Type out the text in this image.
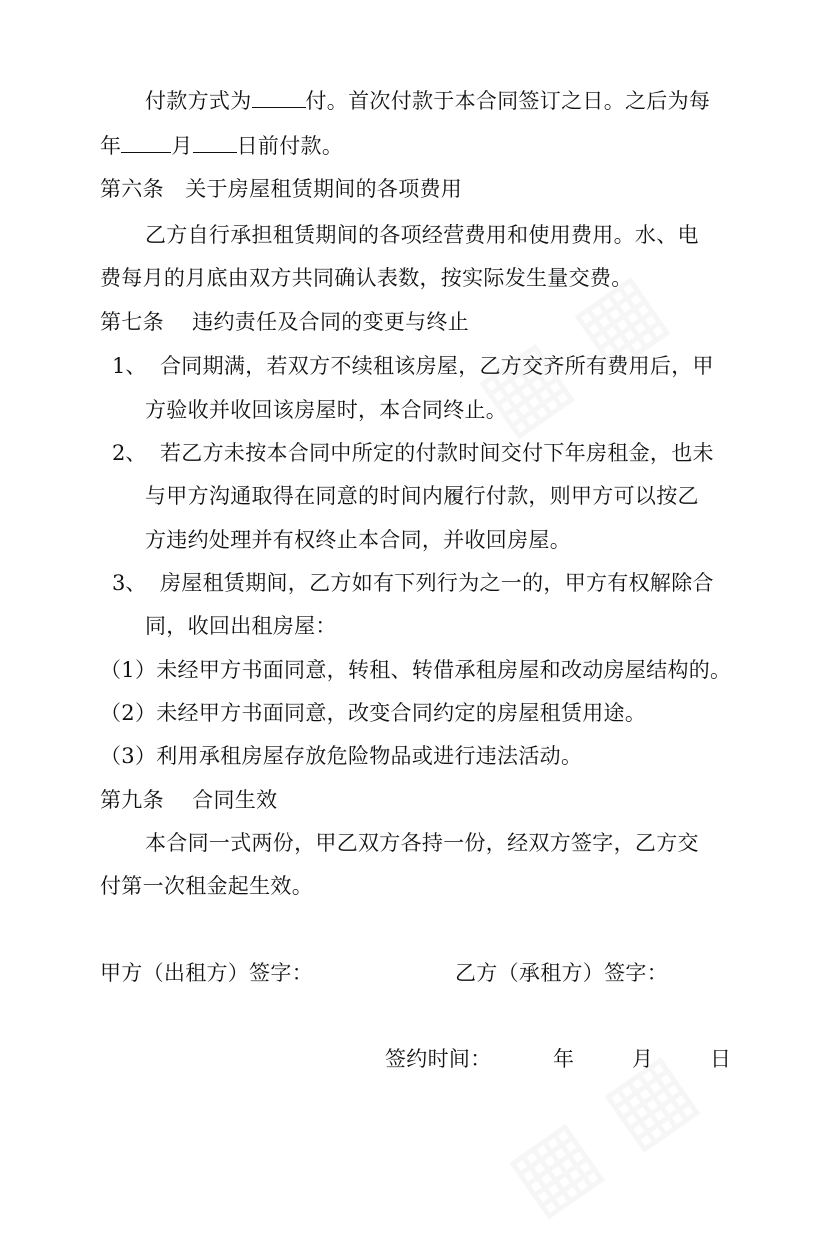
付款方式为	付。首次付款于本合同签订之日。之后为每
年 月 日前付款。
第六条　关于房屋租赁期间的各项费用
乙方自行承担租赁期间的各项经营费用和使用费用。水、电
费每月的月底由双方共同确认表数，按实际发生量交费。
第七条　 违约责任及合同的变更与终止
1、 合同期满，若双方不续租该房屋，乙方交齐所有费用后，甲
方验收并收回该房屋时，本合同终止。
2、 若乙方未按本合同中所定的付款时间交付下年房租金，也未
与甲方沟通取得在同意的时间内履行付款，则甲方可以按乙
方违约处理并有权终止本合同，并收回房屋。
3、 房屋租赁期间，乙方如有下列行为之一的，甲方有权解除合
同，收回出租房屋：
（1）未经甲方书面同意，转租、转借承租房屋和改动房屋结构的。
（2）未经甲方书面同意，改变合同约定的房屋租赁用途。
（3）利用承租房屋存放危险物品或进行违法活动。
第九条　 合同生效
本合同一式两份，甲乙双方各持一份，经双方签字，乙方交
付第一次租金起生效。
甲方（出租方）签字：	乙方（承租方）签字：
签约时间：	年	月	日
